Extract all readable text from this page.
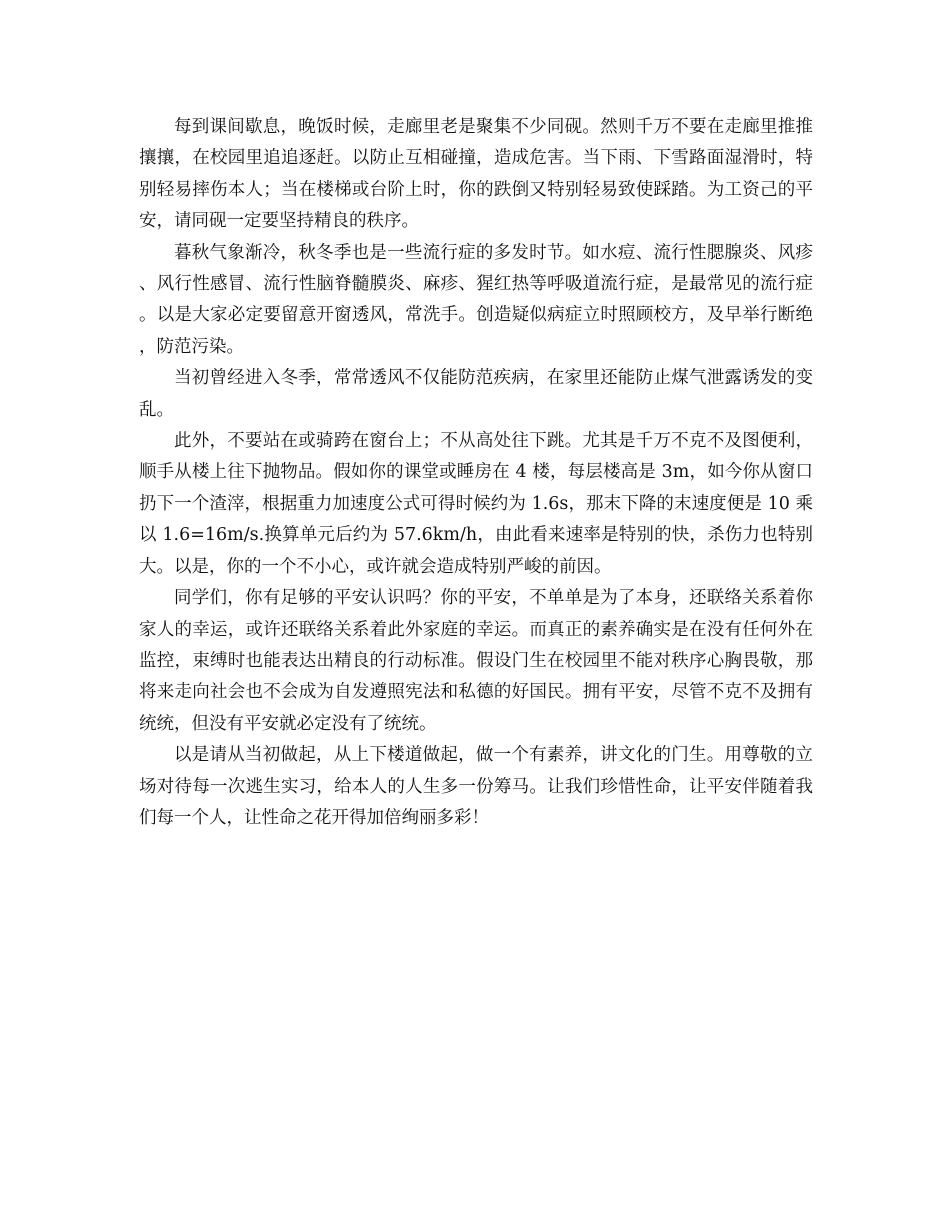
每到课间歇息，晚饭时候，走廊里老是聚集不少同砚。然则千万不要在走廊里推推攘攘，在校园里追追逐赶。以防止互相碰撞，造成危害。当下雨、下雪路面湿滑时，特别轻易摔伤本人；当在楼梯或台阶上时，你的跌倒又特别轻易致使踩踏。为工资己的平安，请同砚一定要坚持精良的秩序。

暮秋气象渐冷，秋冬季也是一些流行症的多发时节。如水痘、流行性腮腺炎、风疹、风行性感冒、流行性脑脊髓膜炎、麻疹、猩红热等呼吸道流行症，是最常见的流行症。以是大家必定要留意开窗透风，常洗手。创造疑似病症立时照顾校方，及早举行断绝，防范污染。

当初曾经进入冬季，常常透风不仅能防范疾病，在家里还能防止煤气泄露诱发的变乱。

此外，不要站在或骑跨在窗台上；不从高处往下跳。尤其是千万不克不及图便利，顺手从楼上往下抛物品。假如你的课堂或睡房在 4 楼，每层楼高是 3m，如今你从窗口扔下一个渣滓，根据重力加速度公式可得时候约为 1.6s，那末下降的末速度便是 10 乘以 1.6=16m/s.换算单元后约为 57.6km/h，由此看来速率是特别的快，杀伤力也特别大。以是，你的一个不小心，或许就会造成特别严峻的前因。

同学们，你有足够的平安认识吗？你的平安，不单单是为了本身，还联络关系着你家人的幸运，或许还联络关系着此外家庭的幸运。而真正的素养确实是在没有任何外在监控，束缚时也能表达出精良的行动标准。假设门生在校园里不能对秩序心胸畏敬，那将来走向社会也不会成为自发遵照宪法和私德的好国民。拥有平安，尽管不克不及拥有统统，但没有平安就必定没有了统统。

以是请从当初做起，从上下楼道做起，做一个有素养，讲文化的门生。用尊敬的立场对待每一次逃生实习，给本人的人生多一份筹马。让我们珍惜性命，让平安伴随着我们每一个人，让性命之花开得加倍绚丽多彩！
